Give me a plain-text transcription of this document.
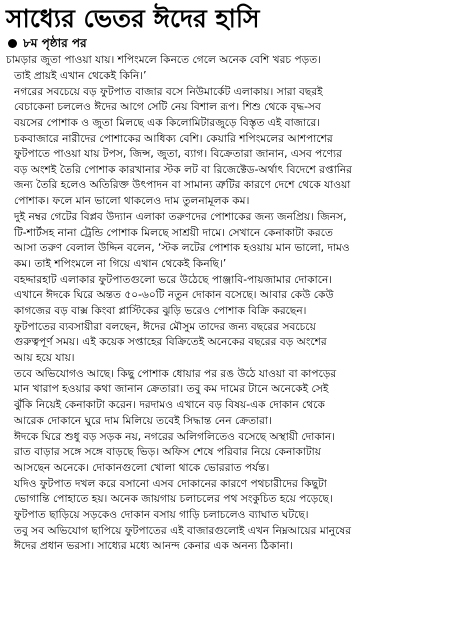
সাধ্যের ভেতর ঈদের হাসি
৮ম পৃষ্ঠার পর

চামড়ার জুতা পাওয়া যায়। শপিংমলে কিনতে গেলে অনেক বেশি খরচ পড়ত।
তাই প্রায়ই এখান থেকেই কিনি।’

নগরের সবচেয়ে বড় ফুটপাত বাজার বসে নিউমার্কেট এলাকায়। সারা বছরই
বেচাকেনা চললেও ঈদের আগে সেটি নেয় বিশাল রূপ। শিশু থেকে বৃদ্ধ-সব
বয়সের পোশাক ও জুতা মিলছে এক কিলোমিটারজুড়ে বিস্তৃত এই বাজারে।

চকবাজারে নারীদের পোশাকের আধিক্য বেশি। কেয়ারি শপিংমলের আশপাশের
ফুটপাতে পাওয়া যায় টপস, জিন্স, জুতা, ব্যাগ। বিক্রেতারা জানান, এসব পণ্যের
বড় অংশই তৈরি পোশাক কারখানার স্টক লট বা রিজেক্টেড-অর্থাৎ বিদেশে রপ্তানির
জন্য তৈরি হলেও অতিরিক্ত উৎপাদন বা সামান্য ত্রুটির কারণে দেশে থেকে যাওয়া
পোশাক। ফলে মান ভালো থাকলেও দাম তুলনামূলক কম।

দুই নম্বর গেটের বিপ্লব উদ্যান এলাকা তরুণদের পোশাকের জন্য জনপ্রিয়। জিনস,
টি-শার্টসহ নানা ট্রেন্ডি পোশাক মিলছে সাশ্রয়ী দামে। সেখানে কেনাকাটা করতে
আসা তরুণ বেলাল উদ্দিন বলেন, ‘স্টক লটের পোশাক হওয়ায় মান ভালো, দামও
কম। তাই শপিংমলে না গিয়ে এখান থেকেই কিনছি।’

বহদ্দারহাট এলাকার ফুটপাতগুলো ভরে উঠেছে পাঞ্জাবি-পায়জামার দোকানে।
এখানে ঈদকে ঘিরে অন্তত ৫০-৬০টি নতুন দোকান বসেছে। আবার কেউ কেউ
কাগজের বড় বাক্স কিংবা প্লাস্টিকের ঝুড়ি ভরেও পোশাক বিক্রি করছেন।

ফুটপাতের ব্যবসায়ীরা বলছেন, ঈদের মৌসুম তাদের জন্য বছরের সবচেয়ে
গুরুত্বপূর্ণ সময়। এই কয়েক সপ্তাহের বিক্রিতেই অনেকের বছরের বড় অংশের
আয় হয়ে যায়।

তবে অভিযোগও আছে। কিছু পোশাক ধোয়ার পর রঙ উঠে যাওয়া বা কাপড়ের
মান খারাপ হওয়ার কথা জানান ক্রেতারা। তবু কম দামের টানে অনেকেই সেই
ঝুঁকি নিয়েই কেনাকাটা করেন। দরদামও এখানে বড় বিষয়-এক দোকান থেকে
আরেক দোকানে ঘুরে দাম মিলিয়ে তবেই সিদ্ধান্ত নেন ক্রেতারা।

ঈদকে ঘিরে শুধু বড় সড়ক নয়, নগরের অলিগলিতেও বসেছে অস্থায়ী দোকান।
রাত বাড়ার সঙ্গে সঙ্গে বাড়ছে ভিড়। অফিস শেষে পরিবার নিয়ে কেনাকাটায়
আসছেন অনেকে। দোকানগুলো খোলা থাকে ভোররাত পর্যন্ত।

যদিও ফুটপাত দখল করে বসানো এসব দোকানের কারণে পথচারীদের কিছুটা
ভোগান্তি পোহাতে হয়। অনেক জায়গায় চলাচলের পথ সংকুচিত হয়ে পড়েছে।
ফুটপাত ছাড়িয়ে সড়কেও দোকান বসায় গাড়ি চলাচলেও ব্যাঘাত ঘটছে।

তবু সব অভিযোগ ছাপিয়ে ফুটপাতের এই বাজারগুলোই এখন নিম্নআয়ের মানুষের
ঈদের প্রধান ভরসা। সাধ্যের মধ্যে আনন্দ কেনার এক অনন্য ঠিকানা।
